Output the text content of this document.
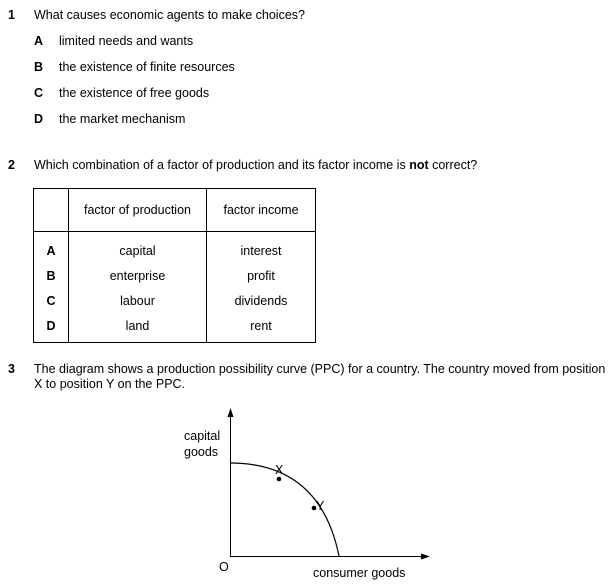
1 What causes economic agents to make choices?
A limited needs and wants
B the existence of finite resources
C the existence of free goods
D the market mechanism
2 Which combination of a factor of production and its factor income is not correct?
	factor of production	factor income
A	capital	interest
B	enterprise	profit
C	labour	dividends
D	land	rent
3 The diagram shows a production possibility curve (PPC) for a country. The country moved from position X to position Y on the PPC.
capital
goods
consumer goods
O
X
Y
